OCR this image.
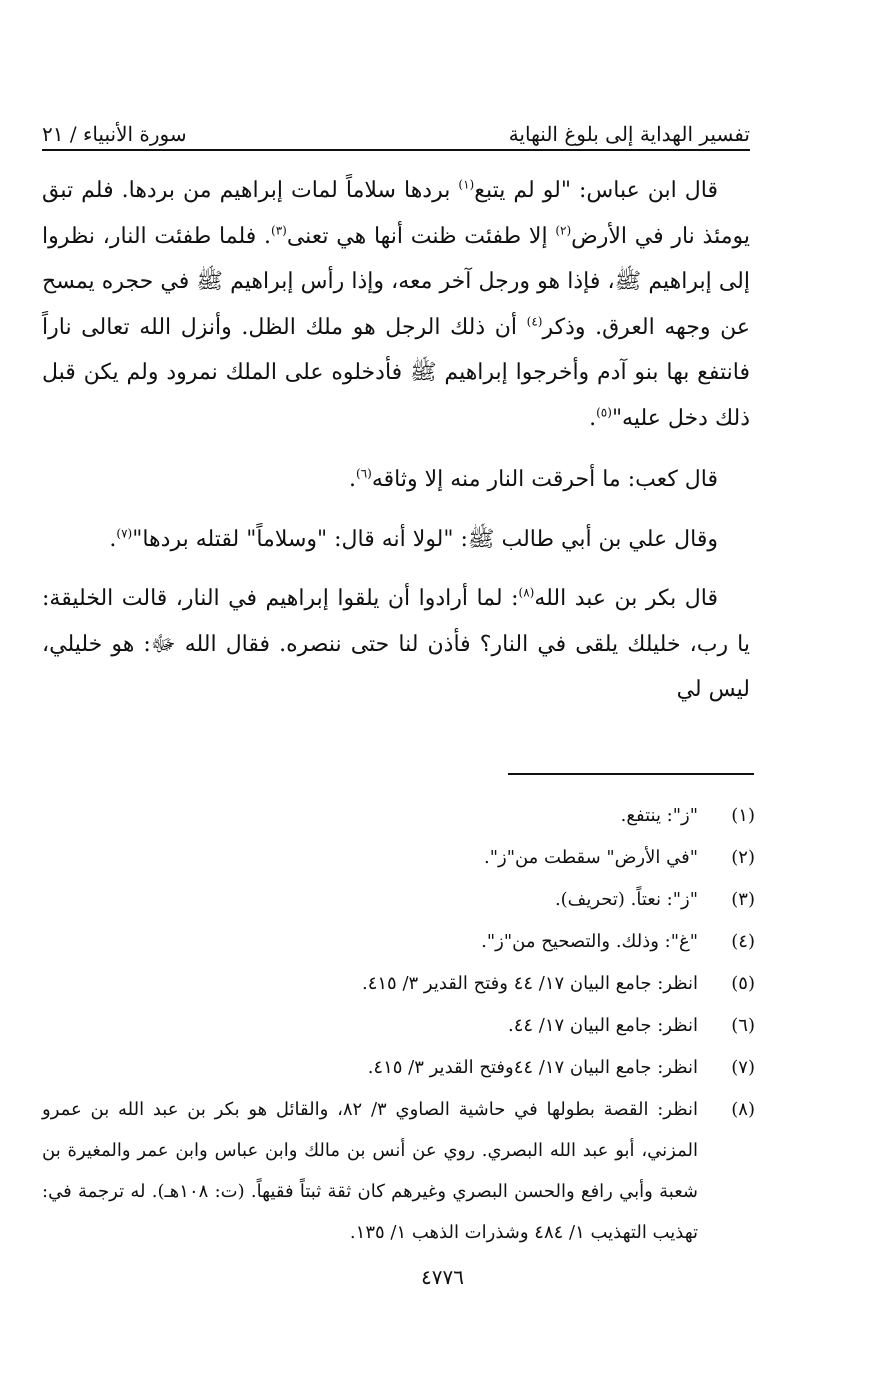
تفسير الهداية إلى بلوغ النهاية
سورة الأنبياء / ٢١

قال ابن عباس: "لو لم يتبع$^{(١)}$ بردها سلاماً لمات إبراهيم من بردها. فلم تبق يومئذ نار في الأرض$^{(٢)}$ إلا طفئت ظنت أنها هي تعنى$^{(٣)}$. فلما طفئت النار، نظروا إلى إبراهيم ﷺ، فإذا هو ورجل آخر معه، وإذا رأس إبراهيم ﷺ في حجره يمسح عن وجهه العرق. وذكر$^{(٤)}$ أن ذلك الرجل هو ملك الظل. وأنزل الله تعالى ناراً فانتفع بها بنو آدم وأخرجوا إبراهيم ﷺ فأدخلوه على الملك نمرود ولم يكن قبل ذلك دخل عليه"$^{(٥)}$.

قال كعب: ما أحرقت النار منه إلا وثاقه$^{(٦)}$.

وقال علي بن أبي طالب ﷺ: "لولا أنه قال: "وسلاماً" لقتله بردها"$^{(٧)}$.

قال بكر بن عبد الله$^{(٨)}$: لما أرادوا أن يلقوا إبراهيم في النار، قالت الخليقة: يا رب، خليلك يلقى في النار؟ فأذن لنا حتى ننصره. فقال الله ﷻ: هو خليلي، ليس لي

(١)
"ز": ينتفع.
(٢)
"في الأرض" سقطت من"ز".
(٣)
"ز": نعتاً. (تحريف).
(٤)
"غ": وذلك. والتصحيح من"ز".
(٥)
انظر: جامع البيان ١٧/ ٤٤ وفتح القدير ٣/ ٤١٥.
(٦)
انظر: جامع البيان ١٧/ ٤٤.
(٧)
انظر: جامع البيان ١٧/ ٤٤وفتح القدير ٣/ ٤١٥.
(٨)
انظر: القصة بطولها في حاشية الصاوي ٣/ ٨٢، والقائل هو بكر بن عبد الله بن عمرو المزني، أبو عبد الله البصري. روي عن أنس بن مالك وابن عباس وابن عمر والمغيرة بن شعبة وأبي رافع والحسن البصري وغيرهم كان ثقة ثبتاً فقيهاً. (ت: ١٠٨هـ). له ترجمة في: تهذيب التهذيب ١/ ٤٨٤ وشذرات الذهب ١/ ١٣٥.
٤٧٧٦
